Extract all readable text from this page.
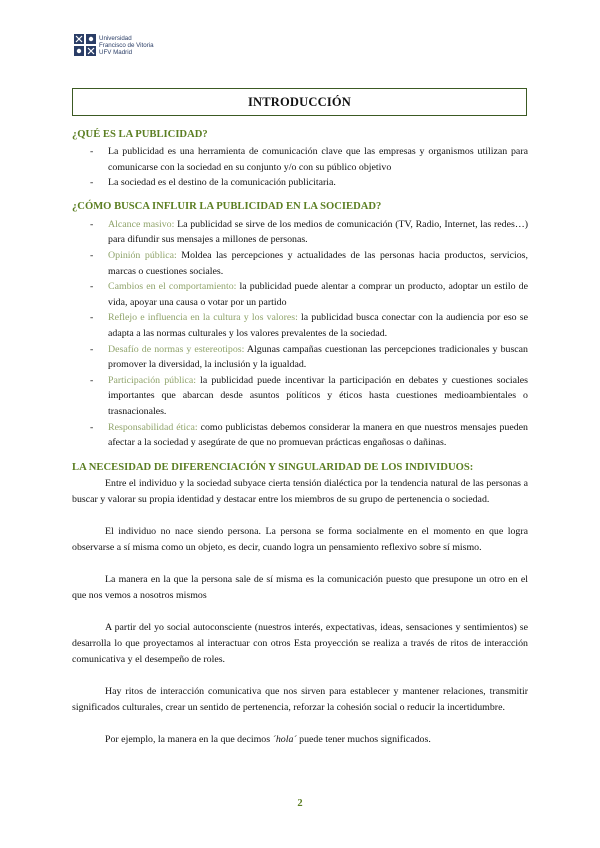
Universidad
Francisco de Vitoria
UFV Madrid
INTRODUCCIÓN
¿QUÉ ES LA PUBLICIDAD?
- La publicidad es una herramienta de comunicación clave que las empresas y organismos utilizan para comunicarse con la sociedad en su conjunto y/o con su público objetivo
- La sociedad es el destino de la comunicación publicitaria.
¿CÓMO BUSCA INFLUIR LA PUBLICIDAD EN LA SOCIEDAD?
- Alcance masivo: La publicidad se sirve de los medios de comunicación (TV, Radio, Internet, las redes…) para difundir sus mensajes a millones de personas.
- Opinión pública: Moldea las percepciones y actualidades de las personas hacia productos, servicios, marcas o cuestiones sociales.
- Cambios en el comportamiento: la publicidad puede alentar a comprar un producto, adoptar un estilo de vida, apoyar una causa o votar por un partido
- Reflejo e influencia en la cultura y los valores: la publicidad busca conectar con la audiencia por eso se adapta a las normas culturales y los valores prevalentes de la sociedad.
- Desafío de normas y estereotipos: Algunas campañas cuestionan las percepciones tradicionales y buscan promover la diversidad, la inclusión y la igualdad.
- Participación pública: la publicidad puede incentivar la participación en debates y cuestiones sociales importantes que abarcan desde asuntos políticos y éticos hasta cuestiones medioambientales o trasnacionales.
- Responsabilidad ética: como publicistas debemos considerar la manera en que nuestros mensajes pueden afectar a la sociedad y asegúrate de que no promuevan prácticas engañosas o dañinas.
LA NECESIDAD DE DIFERENCIACIÓN Y SINGULARIDAD DE LOS INDIVIDUOS:

Entre el individuo y la sociedad subyace cierta tensión dialéctica por la tendencia natural de las personas a buscar y valorar su propia identidad y destacar entre los miembros de su grupo de pertenencia o sociedad.

El individuo no nace siendo persona. La persona se forma socialmente en el momento en que logra observarse a sí misma como un objeto, es decir, cuando logra un pensamiento reflexivo sobre sí mismo.

La manera en la que la persona sale de sí misma es la comunicación puesto que presupone un otro en el que nos vemos a nosotros mismos

A partir del yo social autoconsciente (nuestros interés, expectativas, ideas, sensaciones y sentimientos) se desarrolla lo que proyectamos al interactuar con otros Esta proyección se realiza a través de ritos de interacción comunicativa y el desempeño de roles.

Hay ritos de interacción comunicativa que nos sirven para establecer y mantener relaciones, transmitir significados culturales, crear un sentido de pertenencia, reforzar la cohesión social o reducir la incertidumbre.

Por ejemplo, la manera en la que decimos ´hola´ puede tener muchos significados.

2
